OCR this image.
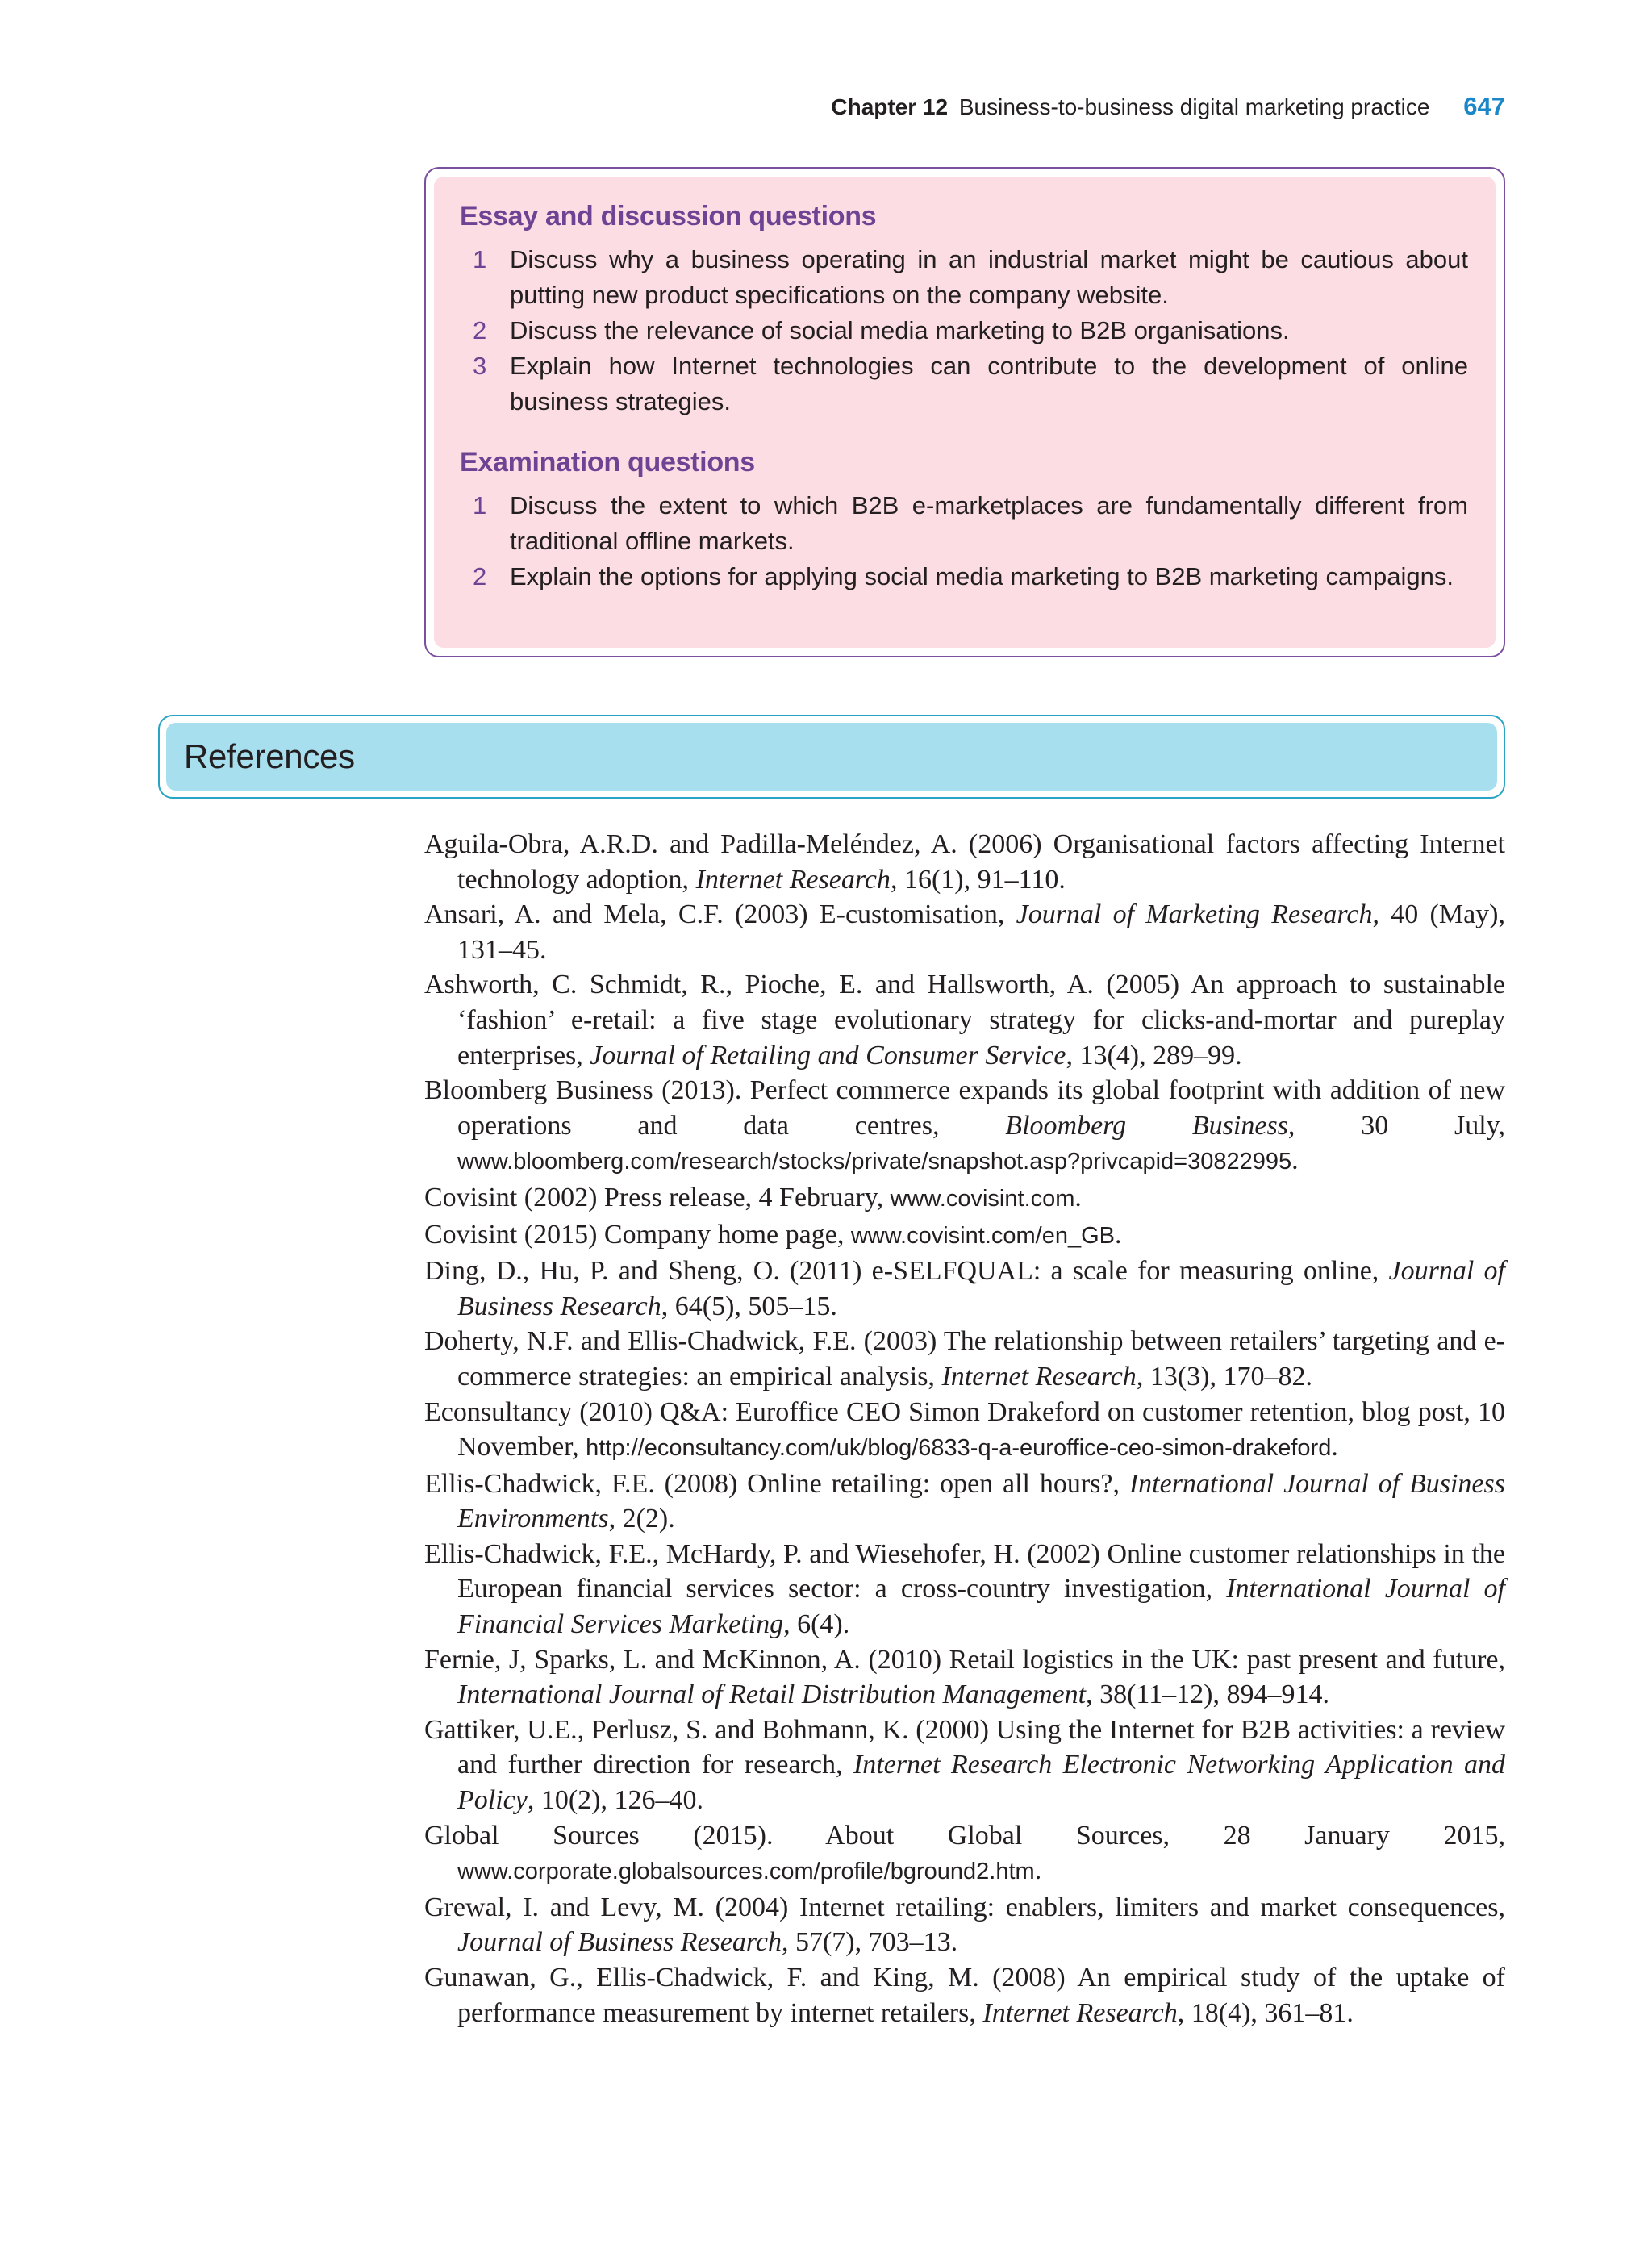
Chapter 12 Business-to-business digital marketing practice 647
Essay and discussion questions
1 Discuss why a business operating in an industrial market might be cautious about putting new product specifications on the company website.
2 Discuss the relevance of social media marketing to B2B organisations.
3 Explain how Internet technologies can contribute to the development of online business strategies.
Examination questions
1 Discuss the extent to which B2B e-marketplaces are fundamentally different from traditional offline markets.
2 Explain the options for applying social media marketing to B2B marketing campaigns.
References
Aguila-Obra, A.R.D. and Padilla-Meléndez, A. (2006) Organisational factors affecting Internet technology adoption, Internet Research, 16(1), 91–110.
Ansari, A. and Mela, C.F. (2003) E-customisation, Journal of Marketing Research, 40 (May), 131–45.
Ashworth, C. Schmidt, R., Pioche, E. and Hallsworth, A. (2005) An approach to sustainable ‘fashion’ e-retail: a five stage evolutionary strategy for clicks-and-mortar and pureplay enterprises, Journal of Retailing and Consumer Service, 13(4), 289–99.
Bloomberg Business (2013). Perfect commerce expands its global footprint with addition of new operations and data centres, Bloomberg Business, 30 July, www.bloomberg.com/research/stocks/private/snapshot.asp?privcapid=30822995.
Covisint (2002) Press release, 4 February, www.covisint.com.
Covisint (2015) Company home page, www.covisint.com/en_GB.
Ding, D., Hu, P. and Sheng, O. (2011) e-SELFQUAL: a scale for measuring online, Journal of Business Research, 64(5), 505–15.
Doherty, N.F. and Ellis-Chadwick, F.E. (2003) The relationship between retailers’ targeting and e-commerce strategies: an empirical analysis, Internet Research, 13(3), 170–82.
Econsultancy (2010) Q&A: Euroffice CEO Simon Drakeford on customer retention, blog post, 10 November, http://econsultancy.com/uk/blog/6833-q-a-euroffice-ceo-simon-drakeford.
Ellis-Chadwick, F.E. (2008) Online retailing: open all hours?, International Journal of Business Environments, 2(2).
Ellis-Chadwick, F.E., McHardy, P. and Wiesehofer, H. (2002) Online customer relationships in the European financial services sector: a cross-country investigation, International Journal of Financial Services Marketing, 6(4).
Fernie, J, Sparks, L. and McKinnon, A. (2010) Retail logistics in the UK: past present and future, International Journal of Retail Distribution Management, 38(11–12), 894–914.
Gattiker, U.E., Perlusz, S. and Bohmann, K. (2000) Using the Internet for B2B activities: a review and further direction for research, Internet Research Electronic Networking Application and Policy, 10(2), 126–40.
Global Sources (2015). About Global Sources, 28 January 2015, www.corporate.globalsources.com/profile/bground2.htm.
Grewal, I. and Levy, M. (2004) Internet retailing: enablers, limiters and market consequences, Journal of Business Research, 57(7), 703–13.
Gunawan, G., Ellis-Chadwick, F. and King, M. (2008) An empirical study of the uptake of performance measurement by internet retailers, Internet Research, 18(4), 361–81.
